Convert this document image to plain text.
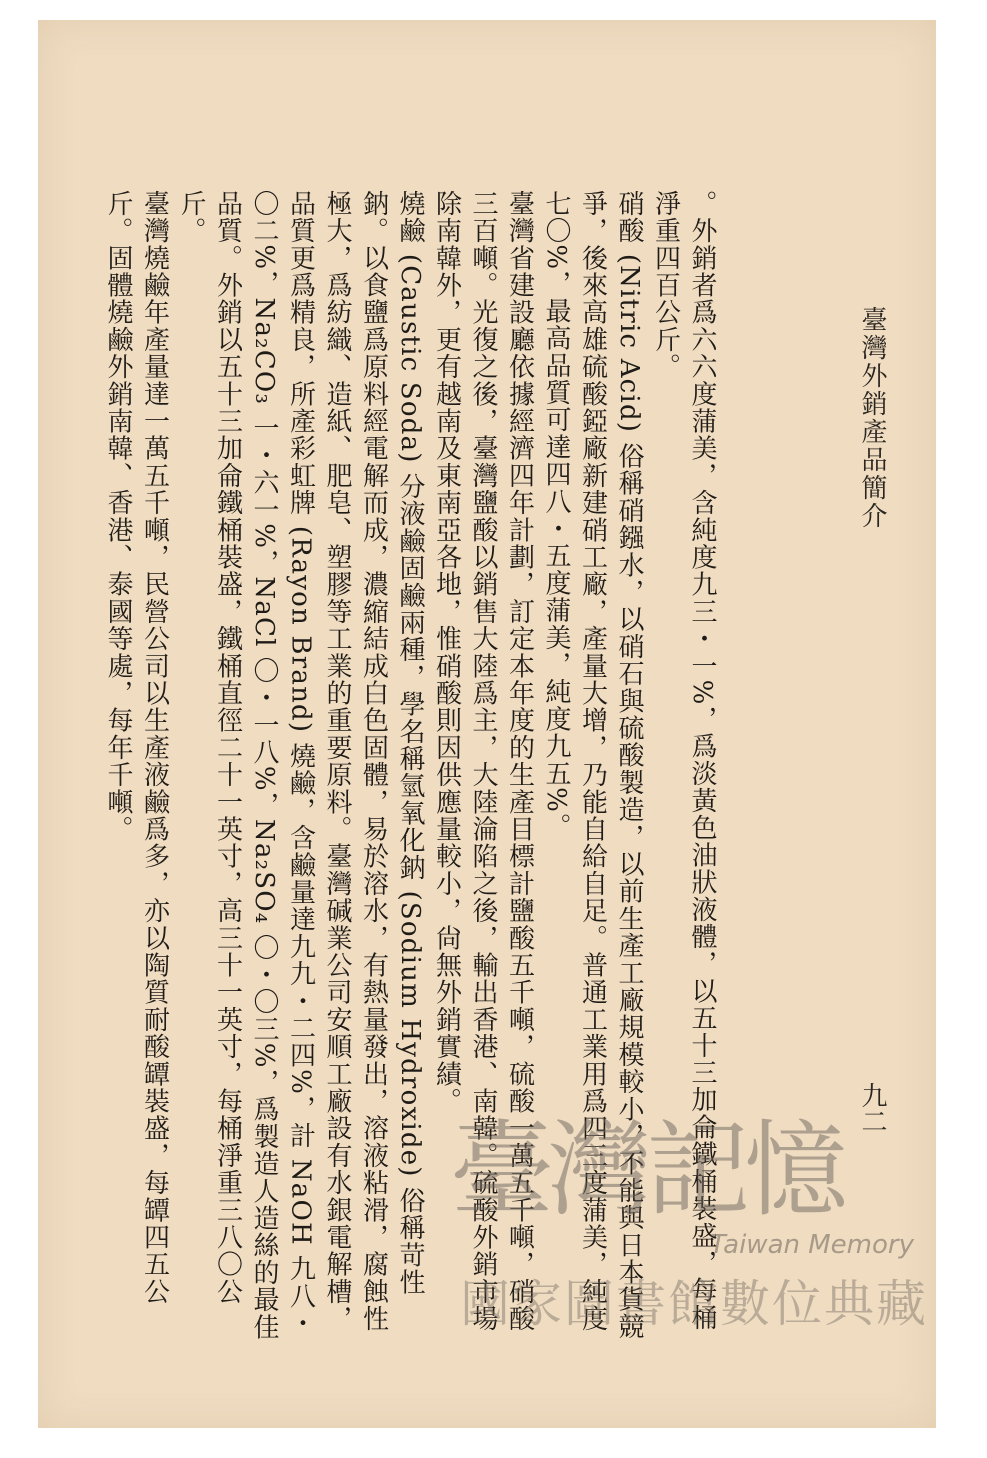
臺灣外銷產品簡介
九二

。外銷者爲六六度蒲美，含純度九三・一%，爲淡黃色油狀液體，以五十三加侖鐵桶裝盛，每桶淨重四百公斤。

硝酸 (Nitric Acid) 俗稱硝鏹水，以硝石與硫酸製造，以前生產工廠規模較小，不能與日本貨競爭，後來高雄硫酸錏廠新建硝工廠，產量大增，乃能自給自足。普通工業用爲四三度蒲美，純度七〇%，最高品質可達四八・五度蒲美，純度九五%。

臺灣省建設廳依據經濟四年計劃，訂定本年度的生產目標計鹽酸五千噸，硫酸一萬五千噸，硝酸三百噸。光復之後，臺灣鹽酸以銷售大陸爲主，大陸淪陷之後，輸出香港、南韓。硫酸外銷市場除南韓外，更有越南及東南亞各地，惟硝酸則因供應量較小，尙無外銷實績。

燒鹼 (Caustic Soda) 分液鹼固鹼兩種，學名稱氫氧化鈉 (Sodium Hydroxide) 俗稱苛性鈉。以食鹽爲原料經電解而成，濃縮結成白色固體，易於溶水，有熱量發出，溶液粘滑，腐蝕性極大，爲紡織、造紙、肥皂、塑膠等工業的重要原料。臺灣碱業公司安順工廠設有水銀電解槽，品質更爲精良，所產彩虹牌 (Rayon Brand) 燒鹼，含鹼量達九九・二四%，計 NaOH 九八・〇二%，Na₂CO₃ 一・六一%，NaCl 〇・一八%，Na₂SO₄ 〇・〇三%，爲製造人造絲的最佳品質。外銷以五十三加侖鐵桶裝盛，鐵桶直徑二十一英寸，高三十一英寸，每桶淨重三八〇公斤。

臺灣燒鹼年產量達一萬五千噸，民營公司以生產液鹼爲多，亦以陶質耐酸罈裝盛，每罈四五公斤。固體燒鹼外銷南韓、香港、泰國等處，每年千噸。

臺灣記憶
Taiwan Memory
國家圖書館數位典藏
